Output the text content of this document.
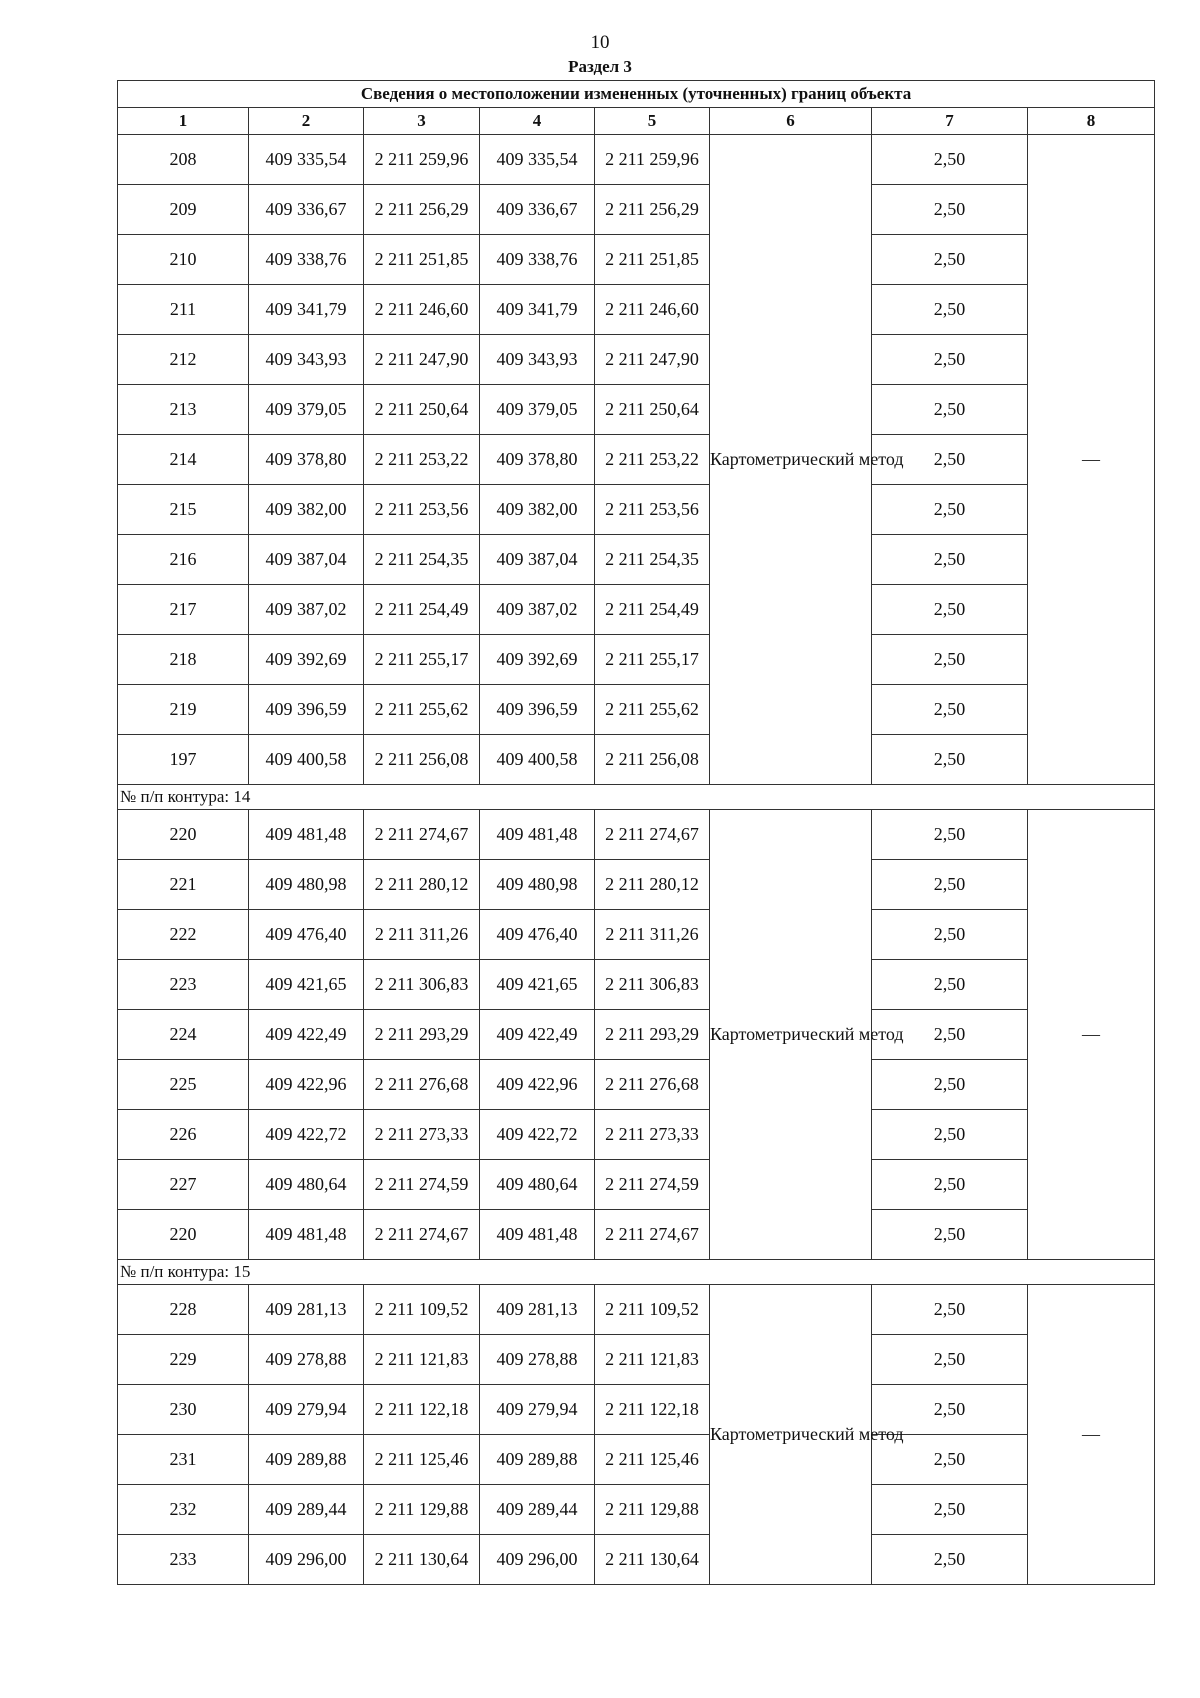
10
Раздел 3
Сведения о местоположении измененных (уточненных) границ объекта							
1	2	3	4	5	6	7	8
208	409 335,54	2 211 259,96	409 335,54	2 211 259,96	Картометрический метод	2,50	—
209	409 336,67	2 211 256,29	409 336,67	2 211 256,29		2,50	
210	409 338,76	2 211 251,85	409 338,76	2 211 251,85		2,50	
211	409 341,79	2 211 246,60	409 341,79	2 211 246,60		2,50	
212	409 343,93	2 211 247,90	409 343,93	2 211 247,90		2,50	
213	409 379,05	2 211 250,64	409 379,05	2 211 250,64		2,50	
214	409 378,80	2 211 253,22	409 378,80	2 211 253,22		2,50	
215	409 382,00	2 211 253,56	409 382,00	2 211 253,56		2,50	
216	409 387,04	2 211 254,35	409 387,04	2 211 254,35		2,50	
217	409 387,02	2 211 254,49	409 387,02	2 211 254,49		2,50	
218	409 392,69	2 211 255,17	409 392,69	2 211 255,17		2,50	
219	409 396,59	2 211 255,62	409 396,59	2 211 255,62		2,50	
197	409 400,58	2 211 256,08	409 400,58	2 211 256,08		2,50	
№ п/п контура: 14							
220	409 481,48	2 211 274,67	409 481,48	2 211 274,67	Картометрический метод	2,50	—
221	409 480,98	2 211 280,12	409 480,98	2 211 280,12		2,50	
222	409 476,40	2 211 311,26	409 476,40	2 211 311,26		2,50	
223	409 421,65	2 211 306,83	409 421,65	2 211 306,83		2,50	
224	409 422,49	2 211 293,29	409 422,49	2 211 293,29		2,50	
225	409 422,96	2 211 276,68	409 422,96	2 211 276,68		2,50	
226	409 422,72	2 211 273,33	409 422,72	2 211 273,33		2,50	
227	409 480,64	2 211 274,59	409 480,64	2 211 274,59		2,50	
220	409 481,48	2 211 274,67	409 481,48	2 211 274,67		2,50	
№ п/п контура: 15							
228	409 281,13	2 211 109,52	409 281,13	2 211 109,52	Картометрический метод	2,50	—
229	409 278,88	2 211 121,83	409 278,88	2 211 121,83		2,50	
230	409 279,94	2 211 122,18	409 279,94	2 211 122,18		2,50	
231	409 289,88	2 211 125,46	409 289,88	2 211 125,46		2,50	
232	409 289,44	2 211 129,88	409 289,44	2 211 129,88		2,50	
233	409 296,00	2 211 130,64	409 296,00	2 211 130,64		2,50	
